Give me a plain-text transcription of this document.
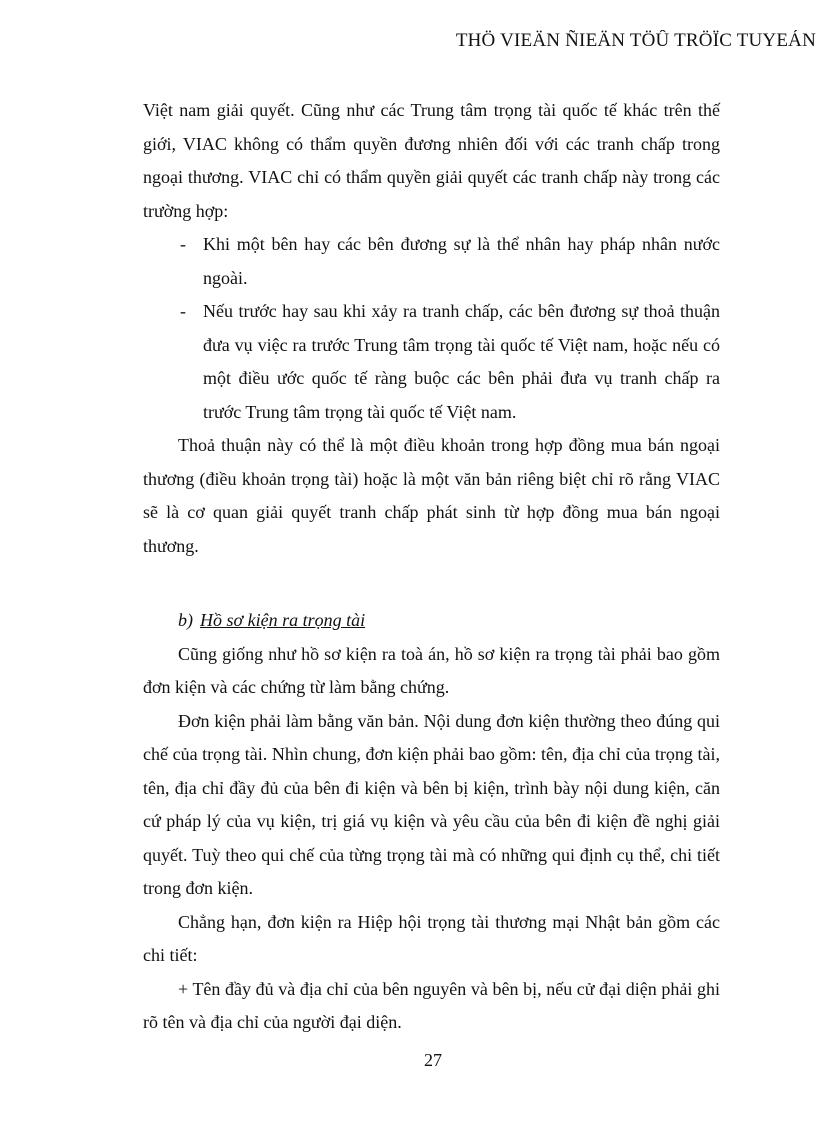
THÖ VIEÄN ÑIEÄN TÖÛ TRÖÏC TUYEÁN

Việt nam giải quyết. Cũng như các Trung tâm trọng tài quốc tế khác trên thế giới, VIAC không có thẩm quyền đương nhiên đối với các tranh chấp trong ngoại thương. VIAC chỉ có thẩm quyền giải quyết các tranh chấp này trong các trường hợp:

- Khi một bên hay các bên đương sự là thể nhân hay pháp nhân nước ngoài.

- Nếu trước hay sau khi xảy ra tranh chấp, các bên đương sự thoả thuận đưa vụ việc ra trước Trung tâm trọng tài quốc tế Việt nam, hoặc nếu có một điều ước quốc tế ràng buộc các bên phải đưa vụ tranh chấp ra trước Trung tâm trọng tài quốc tế Việt nam.

Thoả thuận này có thể là một điều khoản trong hợp đồng mua bán ngoại thương (điều khoản trọng tài) hoặc là một văn bản riêng biệt chỉ rõ rằng VIAC sẽ là cơ quan giải quyết tranh chấp phát sinh từ hợp đồng mua bán ngoại thương.

b) Hồ sơ kiện ra trọng tài

Cũng giống như hồ sơ kiện ra toà án, hồ sơ kiện ra trọng tài phải bao gồm đơn kiện và các chứng từ làm bằng chứng.

Đơn kiện phải làm bằng văn bản. Nội dung đơn kiện thường theo đúng qui chế của trọng tài. Nhìn chung, đơn kiện phải bao gồm: tên, địa chỉ của trọng tài, tên, địa chỉ đầy đủ của bên đi kiện và bên bị kiện, trình bày nội dung kiện, căn cứ pháp lý của vụ kiện, trị giá vụ kiện và yêu cầu của bên đi kiện đề nghị giải quyết. Tuỳ theo qui chế của từng trọng tài mà có những qui định cụ thể, chi tiết trong đơn kiện.

Chẳng hạn, đơn kiện ra Hiệp hội trọng tài thương mại Nhật bản gồm các chi tiết:

+ Tên đầy đủ và địa chỉ của bên nguyên và bên bị, nếu cử đại diện phải ghi rõ tên và địa chỉ của người đại diện.

27
